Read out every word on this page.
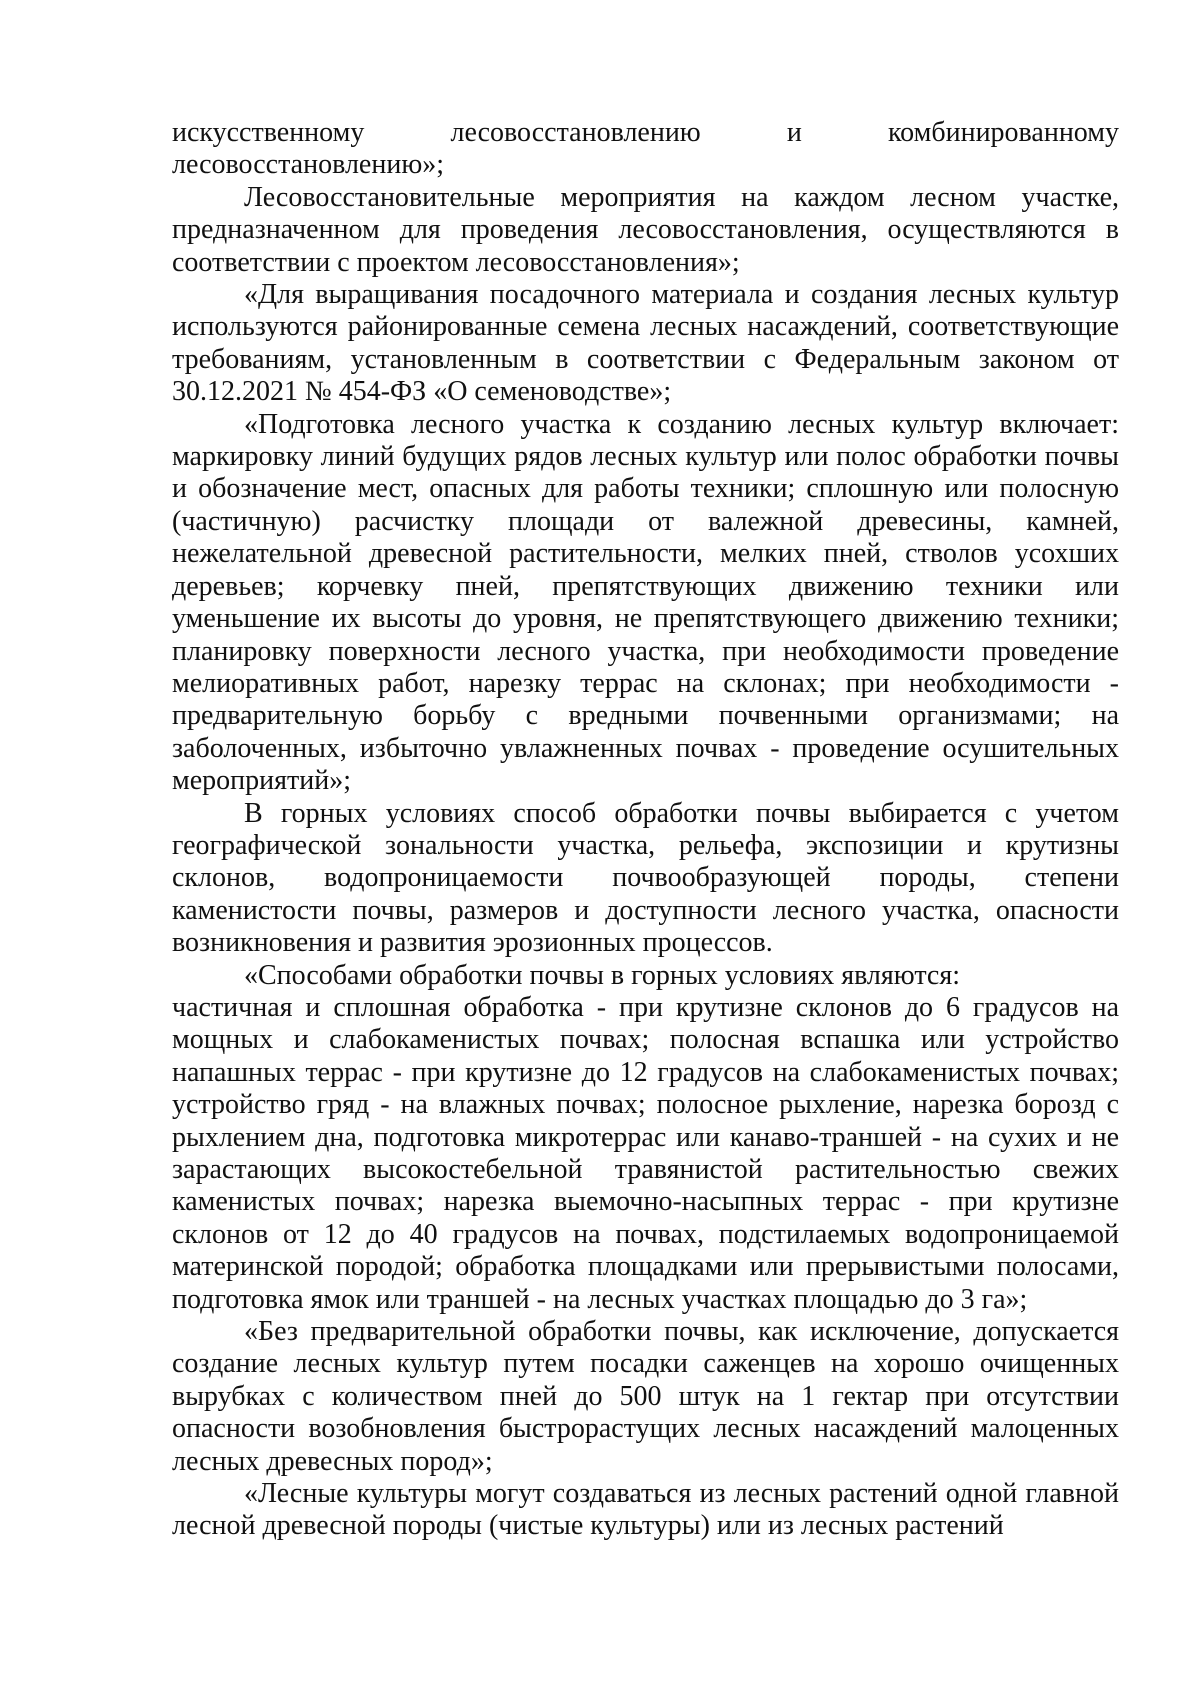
искусственному лесовосстановлению и комбинированному лесовосстановлению»;

Лесовосстановительные мероприятия на каждом лесном участке, предназначенном для проведения лесовосстановления, осуществляются в соответствии с проектом лесовосстановления»;

«Для выращивания посадочного материала и создания лесных культур используются районированные семена лесных насаждений, соответствующие требованиям, установленным в соответствии с Федеральным законом от 30.12.2021 № 454-ФЗ «О семеноводстве»;

«Подготовка лесного участка к созданию лесных культур включает: маркировку линий будущих рядов лесных культур или полос обработки почвы и обозначение мест, опасных для работы техники; сплошную или полосную (частичную) расчистку площади от валежной древесины, камней, нежелательной древесной растительности, мелких пней, стволов усохших деревьев; корчевку пней, препятствующих движению техники или уменьшение их высоты до уровня, не препятствующего движению техники; планировку поверхности лесного участка, при необходимости проведение мелиоративных работ, нарезку террас на склонах; при необходимости - предварительную борьбу с вредными почвенными организмами; на заболоченных, избыточно увлажненных почвах - проведение осушительных мероприятий»;

В горных условиях способ обработки почвы выбирается с учетом географической зональности участка, рельефа, экспозиции и крутизны склонов, водопроницаемости почвообразующей породы, степени каменистости почвы, размеров и доступности лесного участка, опасности возникновения и развития эрозионных процессов.

«Способами обработки почвы в горных условиях являются:

частичная и сплошная обработка - при крутизне склонов до 6 градусов на мощных и слабокаменистых почвах; полосная вспашка или устройство напашных террас - при крутизне до 12 градусов на слабокаменистых почвах; устройство гряд - на влажных почвах; полосное рыхление, нарезка борозд с рыхлением дна, подготовка микротеррас или канаво-траншей - на сухих и не зарастающих высокостебельной травянистой растительностью свежих каменистых почвах; нарезка выемочно-насыпных террас - при крутизне склонов от 12 до 40 градусов на почвах, подстилаемых водопроницаемой материнской породой; обработка площадками или прерывистыми полосами, подготовка ямок или траншей - на лесных участках площадью до 3 га»;

«Без предварительной обработки почвы, как исключение, допускается создание лесных культур путем посадки саженцев на хорошо очищенных вырубках с количеством пней до 500 штук на 1 гектар при отсутствии опасности возобновления быстрорастущих лесных насаждений малоценных лесных древесных пород»;

«Лесные культуры могут создаваться из лесных растений одной главной лесной древесной породы (чистые культуры) или из лесных растений
